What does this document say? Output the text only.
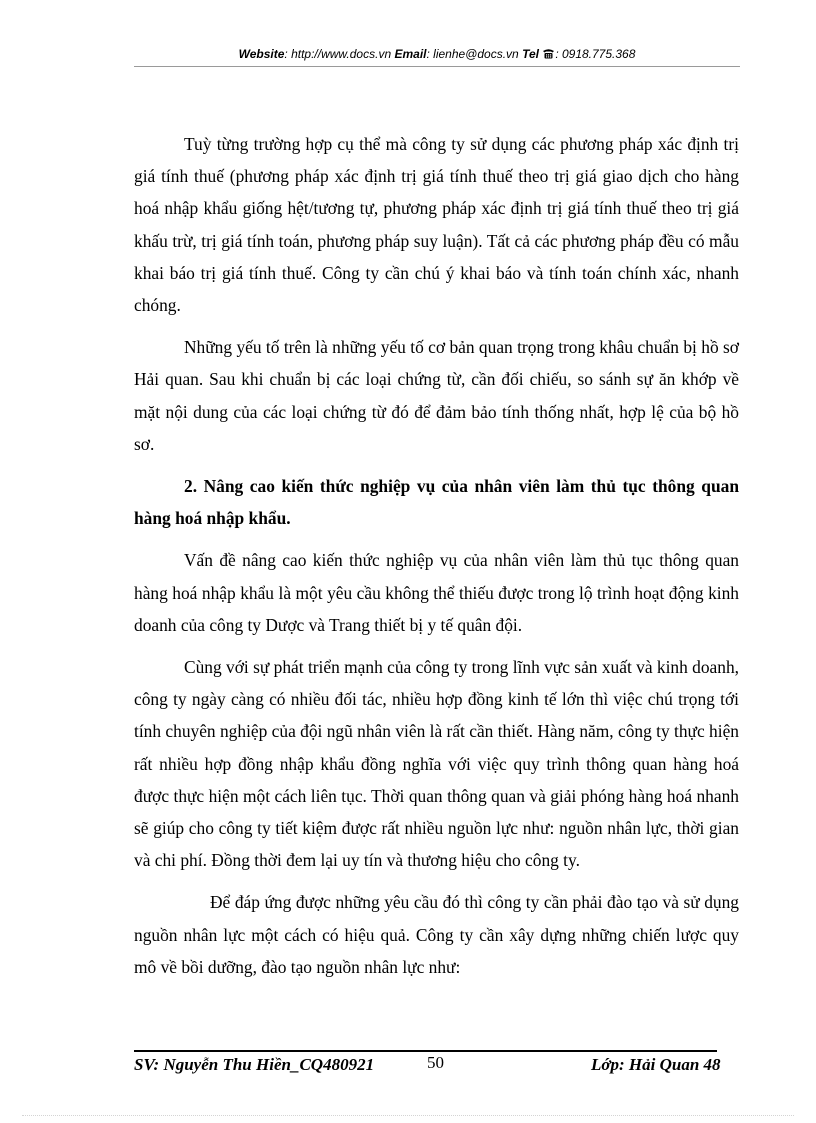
Website: http://www.docs.vn Email: lienhe@docs.vn Tel : 0918.775.368

Tuỳ từng trường hợp cụ thể mà công ty sử dụng các phương pháp xác định trị giá tính thuế (phương pháp xác định trị giá tính thuế theo trị giá giao dịch cho hàng hoá nhập khẩu giống hệt/tương tự, phương pháp xác định trị giá tính thuế theo trị giá khấu trừ, trị giá tính toán, phương pháp suy luận). Tất cả các phương pháp đều có mẫu khai báo trị giá tính thuế. Công ty cần chú ý khai báo và tính toán chính xác, nhanh chóng.

Những yếu tố trên là những yếu tố cơ bản quan trọng trong khâu chuẩn bị hồ sơ Hải quan. Sau khi chuẩn bị các loại chứng từ, cần đối chiếu, so sánh sự ăn khớp về mặt nội dung của các loại chứng từ đó để đảm bảo tính thống nhất, hợp lệ của bộ hồ sơ.

2. Nâng cao kiến thức nghiệp vụ của nhân viên làm thủ tục thông quan hàng hoá nhập khẩu.

Vấn đề nâng cao kiến thức nghiệp vụ của nhân viên làm thủ tục thông quan hàng hoá nhập khẩu là một yêu cầu không thể thiếu được trong lộ trình hoạt động kinh doanh của công ty Dược và Trang thiết bị y tế quân đội.

Cùng với sự phát triển mạnh của công ty trong lĩnh vực sản xuất và kinh doanh, công ty ngày càng có nhiều đối tác, nhiều hợp đồng kinh tế lớn thì việc chú trọng tới tính chuyên nghiệp của đội ngũ nhân viên là rất cần thiết. Hàng năm, công ty thực hiện rất nhiều hợp đồng nhập khẩu đồng nghĩa với việc quy trình thông quan hàng hoá được thực hiện một cách liên tục. Thời quan thông quan và giải phóng hàng hoá nhanh sẽ giúp cho công ty tiết kiệm được rất nhiều nguồn lực như: nguồn nhân lực, thời gian và chi phí. Đồng thời đem lại uy tín và thương hiệu cho công ty.

Để đáp ứng được những yêu cầu đó thì công ty cần phải đào tạo và sử dụng nguồn nhân lực một cách có hiệu quả. Công ty cần xây dựng những chiến lược quy mô về bồi dưỡng, đào tạo nguồn nhân lực như:

SV: Nguyễn Thu Hiền_CQ480921	50	Lớp: Hải Quan 48
